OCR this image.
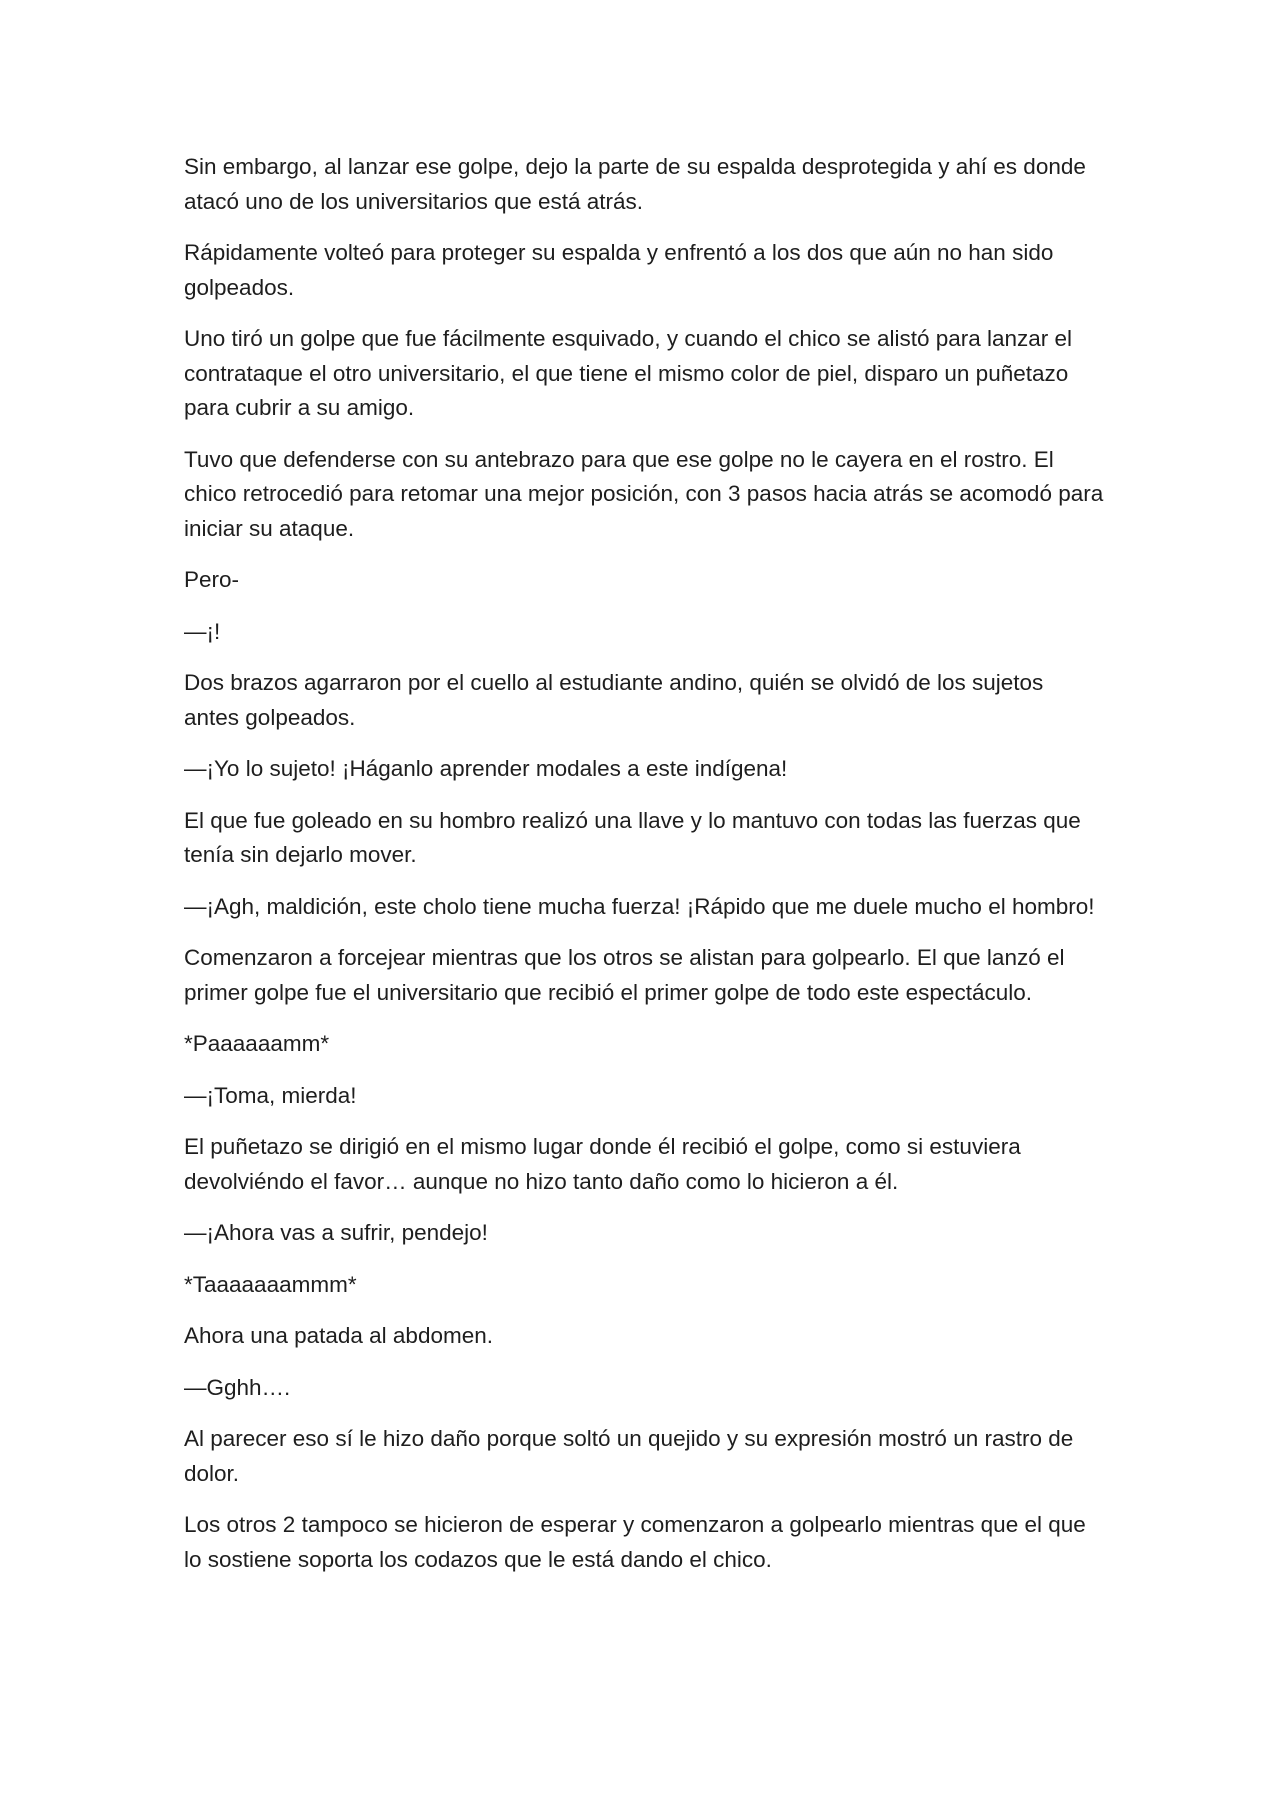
Sin embargo, al lanzar ese golpe, dejo la parte de su espalda desprotegida y ahí es donde atacó uno de los universitarios que está atrás.

Rápidamente volteó para proteger su espalda y enfrentó a los dos que aún no han sido golpeados.

Uno tiró un golpe que fue fácilmente esquivado, y cuando el chico se alistó para lanzar el contrataque el otro universitario, el que tiene el mismo color de piel, disparo un puñetazo para cubrir a su amigo.

Tuvo que defenderse con su antebrazo para que ese golpe no le cayera en el rostro. El chico retrocedió para retomar una mejor posición, con 3 pasos hacia atrás se acomodó para iniciar su ataque.

Pero-

—¡!

Dos brazos agarraron por el cuello al estudiante andino, quién se olvidó de los sujetos antes golpeados.

—¡Yo lo sujeto! ¡Háganlo aprender modales a este indígena!

El que fue goleado en su hombro realizó una llave y lo mantuvo con todas las fuerzas que tenía sin dejarlo mover.

—¡Agh, maldición, este cholo tiene mucha fuerza! ¡Rápido que me duele mucho el hombro!

Comenzaron a forcejear mientras que los otros se alistan para golpearlo. El que lanzó el primer golpe fue el universitario que recibió el primer golpe de todo este espectáculo.

*Paaaaaamm*

—¡Toma, mierda!

El puñetazo se dirigió en el mismo lugar donde él recibió el golpe, como si estuviera devolviéndo el favor… aunque no hizo tanto daño como lo hicieron a él.

—¡Ahora vas a sufrir, pendejo!

*Taaaaaaammm*

Ahora una patada al abdomen.

—Gghh….

Al parecer eso sí le hizo daño porque soltó un quejido y su expresión mostró un rastro de dolor.

Los otros 2 tampoco se hicieron de esperar y comenzaron a golpearlo mientras que el que lo sostiene soporta los codazos que le está dando el chico.
